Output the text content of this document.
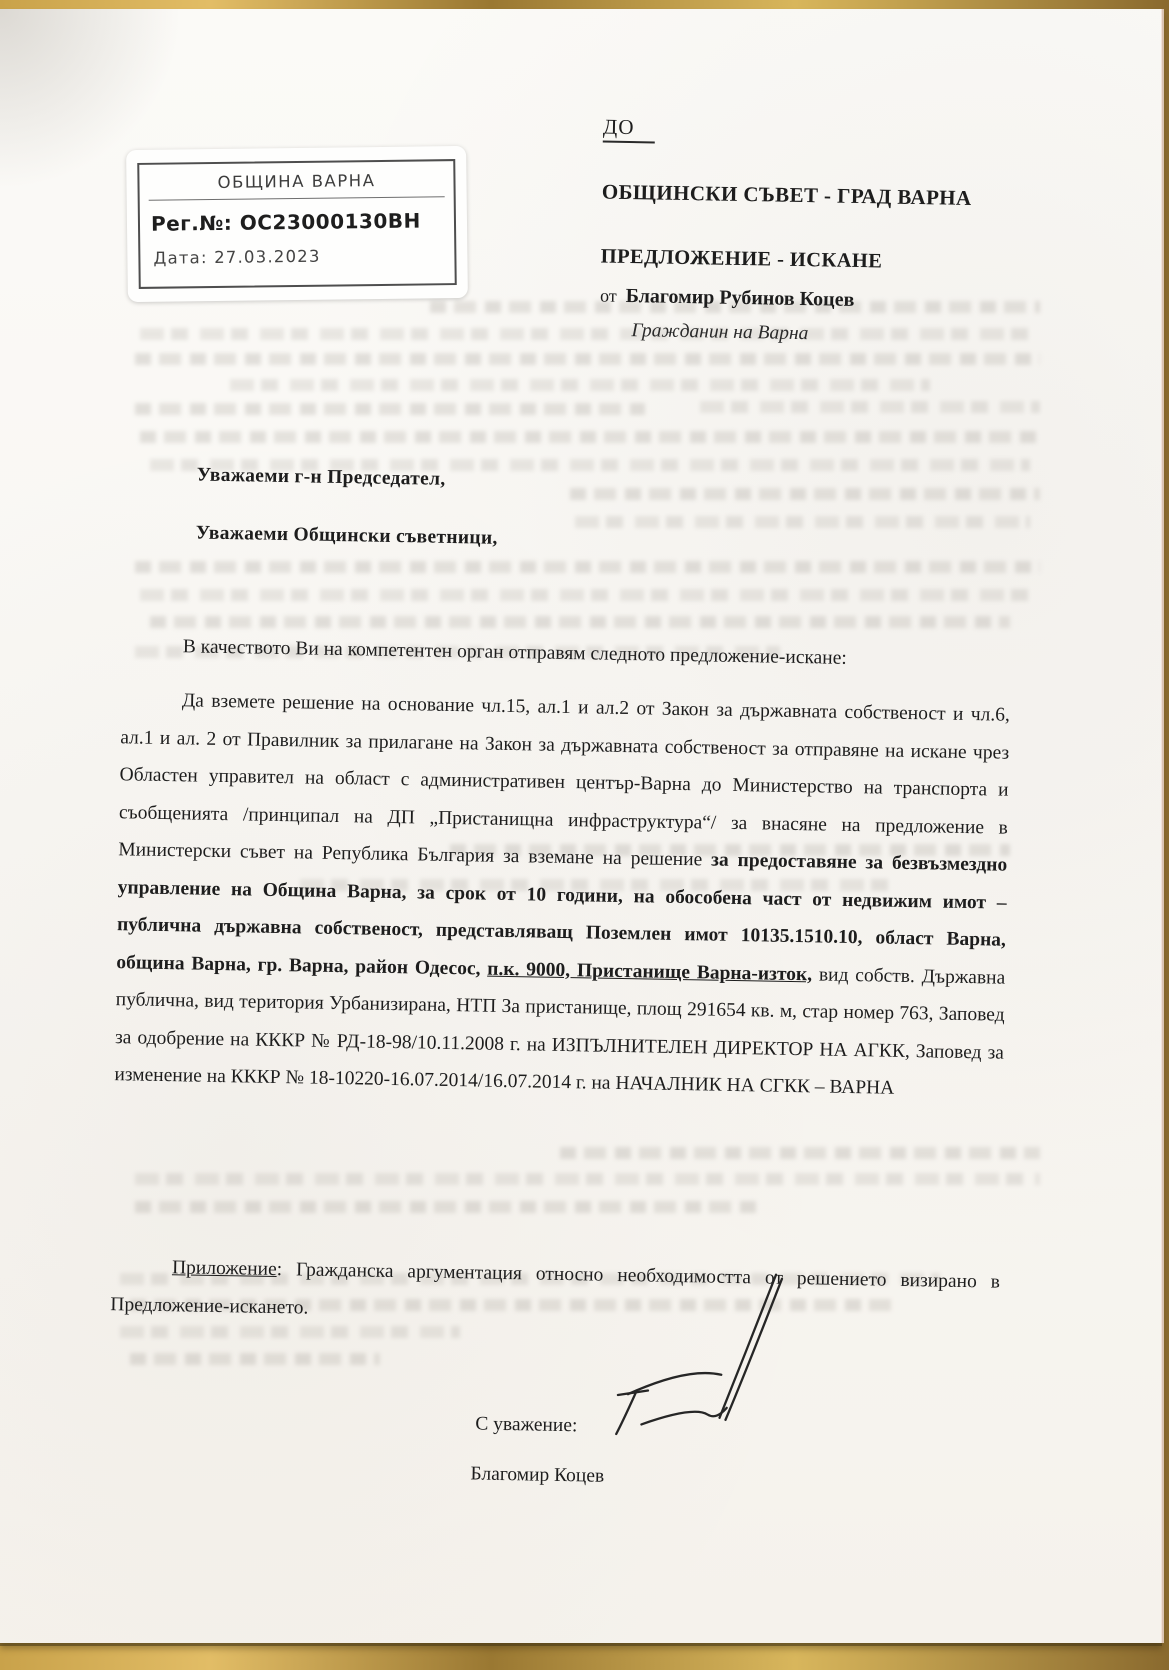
ОБЩИНА ВАРНА
Рег.№: ОС23000130ВН
Дата: 27.03.2023
ДО
ОБЩИНСКИ СЪВЕТ - ГРАД ВАРНА
ПРЕДЛОЖЕНИЕ - ИСКАНЕ
от Благомир Рубинов Коцев
Гражданин на Варна
Уважаеми г-н Председател,
Уважаеми Общински съветници,
В качеството Ви на компетентен орган отправям следното предложение-искане:
Да вземете решение на основание чл.15, ал.1 и ал.2 от Закон за държавната собственост и чл.6, ал.1 и ал. 2 от Правилник за прилагане на Закон за държавната собственост за отправяне на искане чрез Областен управител на област с административен център-Варна до Министерство на транспорта и съобщенията /принципал на ДП „Пристанищна инфраструктура“/ за внасяне на предложение в Министерски съвет на Република България за вземане на решение за предоставяне за безвъзмездно управление на Община Варна, за срок от 10 години, на обособена част от недвижим имот – публична държавна собственост, представляващ Поземлен имот 10135.1510.10, област Варна, община Варна, гр. Варна, район Одесос, п.к. 9000, Пристанище Варна-изток, вид собств. Държавна публична, вид територия Урбанизирана, НТП За пристанище, площ 291654 кв. м, стар номер 763, Заповед за одобрение на КККР № РД-18-98/10.11.2008 г. на ИЗПЪЛНИТЕЛЕН ДИРЕКТОР НА АГКК, Заповед за изменение на КККР № 18-10220-16.07.2014/16.07.2014 г. на НАЧАЛНИК НА СГКК – ВАРНА
Приложение: Гражданска аргументация относно необходимостта от решението визирано в Предложение-искането.
С уважение:
Благомир Коцев
